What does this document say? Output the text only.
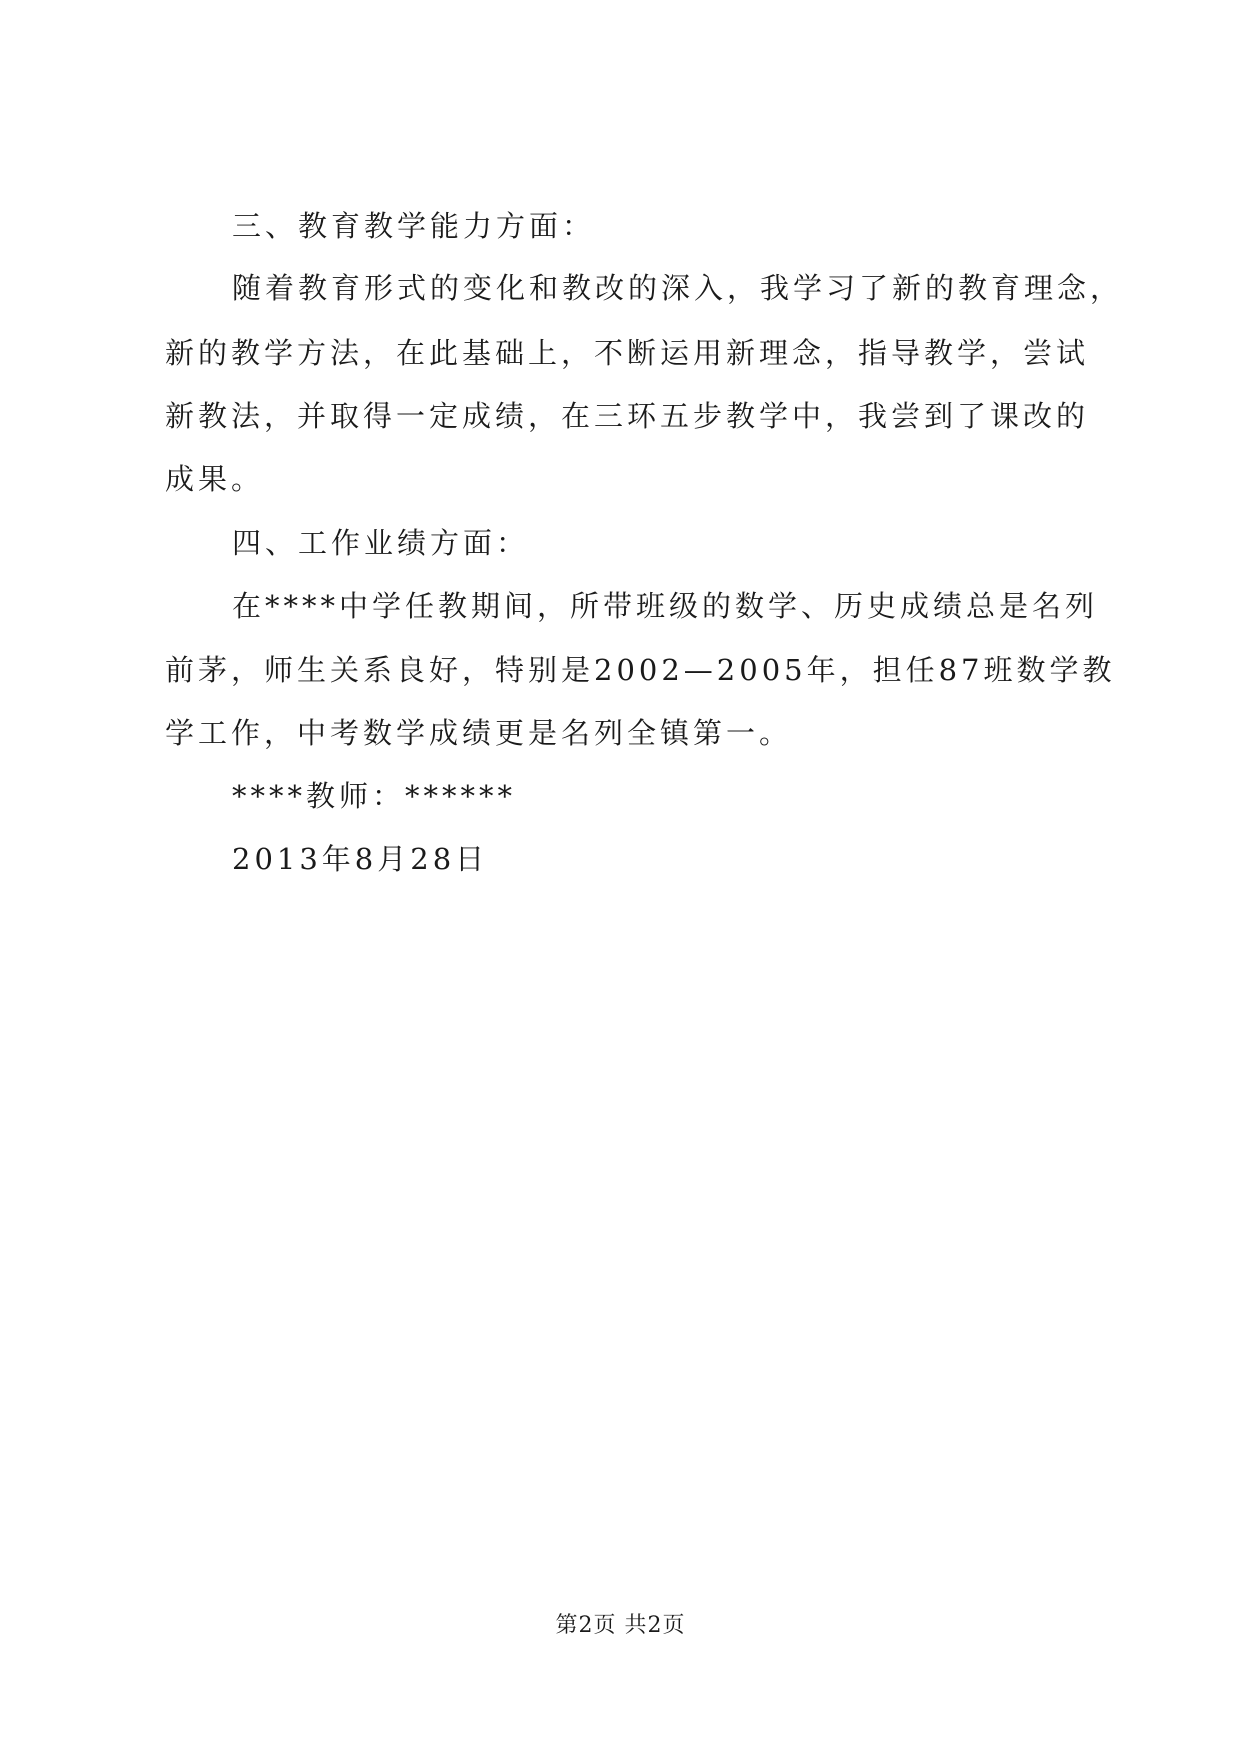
三、教育教学能力方面：
随着教育形式的变化和教改的深入，我学习了新的教育理念，
新的教学方法，在此基础上，不断运用新理念，指导教学，尝试
新教法，并取得一定成绩，在三环五步教学中，我尝到了课改的
成果。
四、工作业绩方面：
在****中学任教期间，所带班级的数学、历史成绩总是名列
前茅，师生关系良好，特别是2002—2005年，担任87班数学教
学工作，中考数学成绩更是名列全镇第一。
****教师：******
2013年8月28日
第2页 共2页
